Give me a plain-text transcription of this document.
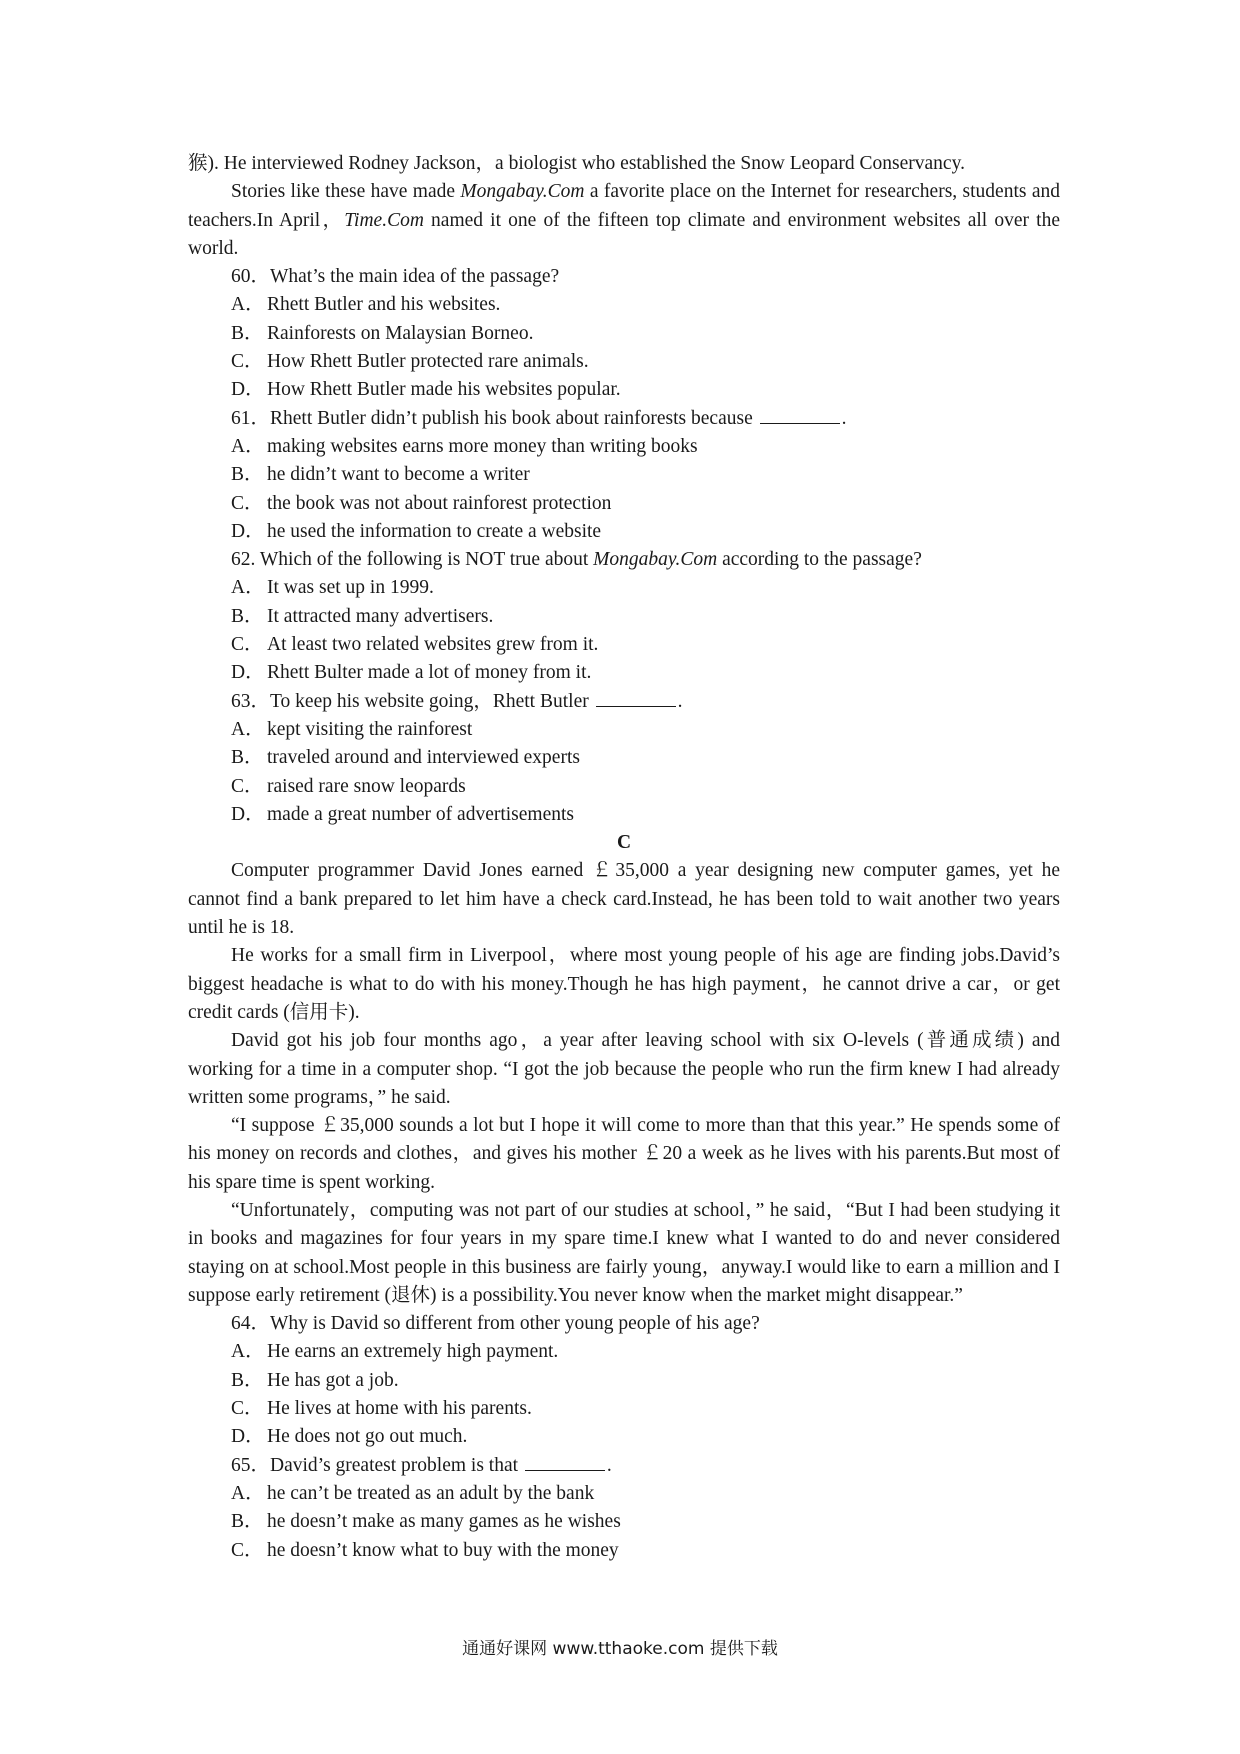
猴). He interviewed Rodney Jackson，a biologist who established the Snow Leopard Conservancy.

Stories like these have made Mongabay.Com a favorite place on the Internet for researchers, students and teachers.In April，Time.Com named it one of the fifteen top climate and environment websites all over the world.

60．What’s the main idea of the passage?

A． Rhett Butler and his websites.

B． Rainforests on Malaysian Borneo.

C． How Rhett Butler protected rare animals.

D． How Rhett Butler made his websites popular.

61．Rhett Butler didn’t publish his book about rainforests because	.

A． making websites earns more money than writing books

B． he didn’t want to become a writer

C． the book was not about rainforest protection

D． he used the information to create a website

62. Which of the following is NOT true about Mongabay.Com according to the passage?

A． It was set up in 1999.

B． It attracted many advertisers.

C． At least two related websites grew from it.

D． Rhett Bulter made a lot of money from it.

63．To keep his website going，Rhett Butler	.

A． kept visiting the rainforest

B． traveled around and interviewed experts

C． raised rare snow leopards

D． made a great number of advertisements

C

Computer programmer David Jones earned ￡35,000 a year designing new computer games, yet he cannot find a bank prepared to let him have a check card.Instead, he has been told to wait another two years until he is 18.

He works for a small firm in Liverpool，where most young people of his age are finding jobs.David’s biggest headache is what to do with his money.Though he has high payment，he cannot drive a car，or get credit cards (信用卡).

David got his job four months ago，a year after leaving school with six O-levels (普通成绩) and working for a time in a computer shop. “I got the job because the people who run the firm knew I had already written some programs，” he said.

“I suppose ￡35,000 sounds a lot but I hope it will come to more than that this year.” He spends some of his money on records and clothes，and gives his mother ￡20 a week as he lives with his parents.But most of his spare time is spent working.

“Unfortunately，computing was not part of our studies at school，” he said，“But I had been studying it in books and magazines for four years in my spare time.I knew what I wanted to do and never considered staying on at school.Most people in this business are fairly young，anyway.I would like to earn a million and I suppose early retirement (退休) is a possibility.You never know when the market might disappear.”

64．Why is David so different from other young people of his age?

A． He earns an extremely high payment.

B． He has got a job.

C． He lives at home with his parents.

D． He does not go out much.

65．David’s greatest problem is that	.

A． he can’t be treated as an adult by the bank

B． he doesn’t make as many games as he wishes

C． he doesn’t know what to buy with the money

通通好课网 www.tthaoke.com 提供下载
